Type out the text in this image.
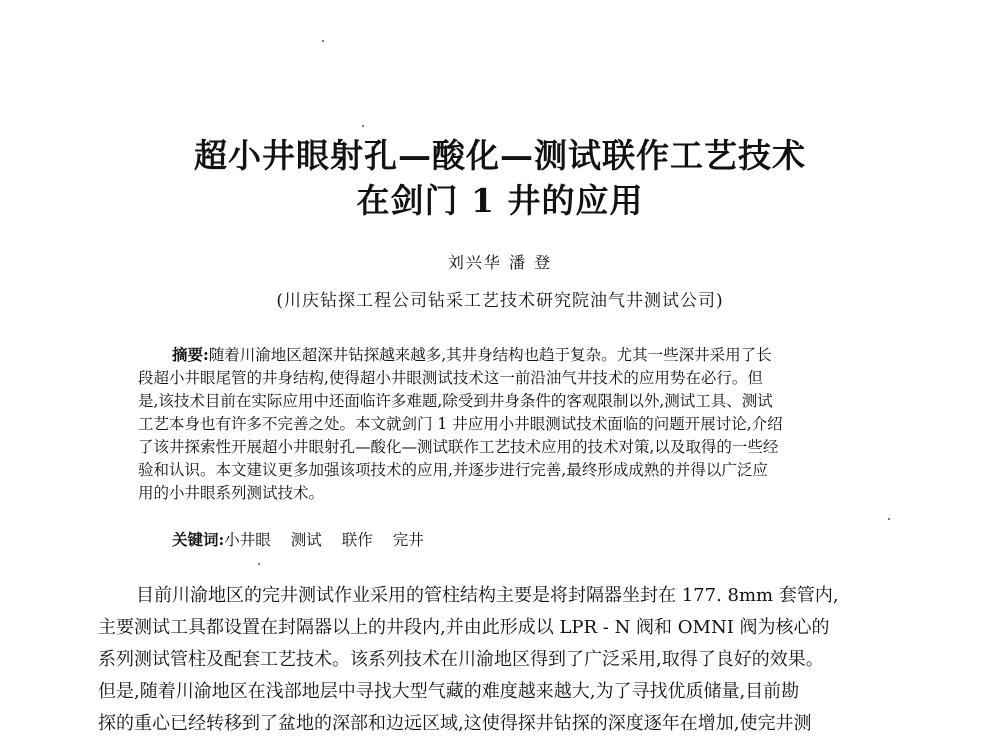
超小井眼射孔—酸化—测试联作工艺技术
在剑门 1 井的应用
刘兴华 潘 登
(川庆钻探工程公司钻采工艺技术研究院油气井测试公司)
摘要:随着川渝地区超深井钻探越来越多,其井身结构也趋于复杂。尤其一些深井采用了长
段超小井眼尾管的井身结构,使得超小井眼测试技术这一前沿油气井技术的应用势在必行。但
是,该技术目前在实际应用中还面临许多难题,除受到井身条件的客观限制以外,测试工具、测试
工艺本身也有许多不完善之处。本文就剑门 1 井应用小井眼测试技术面临的问题开展讨论,介绍
了该井探索性开展超小井眼射孔—酸化—测试联作工艺技术应用的技术对策,以及取得的一些经
验和认识。本文建议更多加强该项技术的应用,并逐步进行完善,最终形成成熟的并得以广泛应
用的小井眼系列测试技术。
关键词:小井眼 测试 联作 完井
目前川渝地区的完井测试作业采用的管柱结构主要是将封隔器坐封在 177. 8mm 套管内,
主要测试工具都设置在封隔器以上的井段内,并由此形成以 LPR - N 阀和 OMNI 阀为核心的
系列测试管柱及配套工艺技术。该系列技术在川渝地区得到了广泛采用,取得了良好的效果。
但是,随着川渝地区在浅部地层中寻找大型气藏的难度越来越大,为了寻找优质储量,目前勘
探的重心已经转移到了盆地的深部和边远区域,这使得探井钻探的深度逐年在增加,使完井测
